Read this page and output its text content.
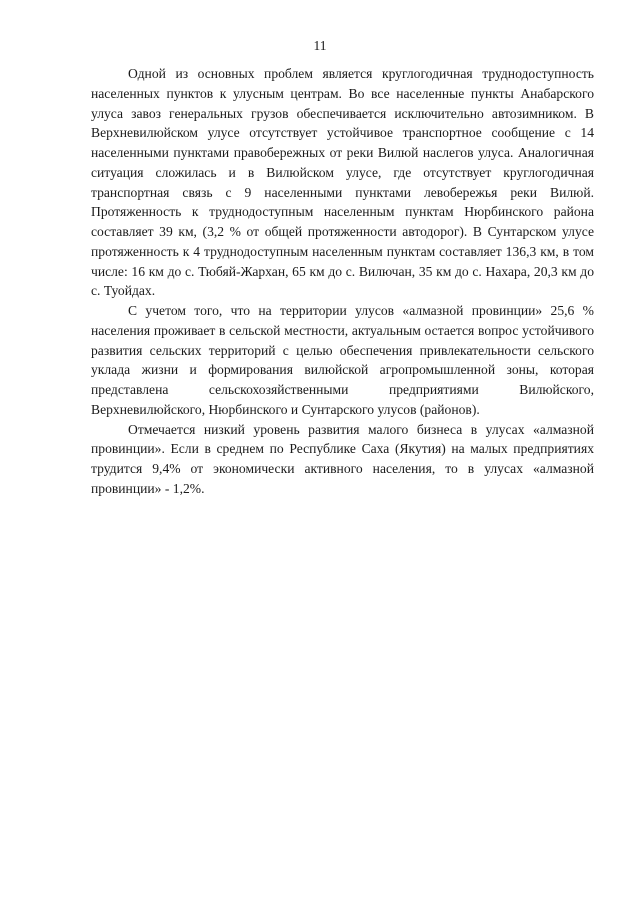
11

Одной из основных проблем является круглогодичная труднодоступность населенных пунктов к улусным центрам. Во все населенные пункты Анабарского улуса завоз генеральных грузов обеспечивается исключительно автозимником. В Верхневилюйском улусе отсутствует устойчивое транспортное сообщение с 14 населенными пунктами правобережных от реки Вилюй наслегов улуса. Аналогичная ситуация сложилась и в Вилюйском улусе, где отсутствует круглогодичная транспортная связь с 9 населенными пунктами левобережья реки Вилюй. Протяженность к труднодоступным населенным пунктам Нюрбинского района составляет 39 км, (3,2 % от общей протяженности автодорог). В Сунтарском улусе протяженность к 4 труднодоступным населенным пунктам составляет 136,3 км, в том числе: 16 км до с. Тюбяй-Жархан, 65 км до с. Вилючан, 35 км до с. Нахара, 20,3 км до с. Туойдах.

С учетом того, что на территории улусов «алмазной провинции» 25,6 % населения проживает в сельской местности, актуальным остается вопрос устойчивого развития сельских территорий с целью обеспечения привлекательности сельского уклада жизни и формирования вилюйской агропромышленной зоны, которая представлена сельскохозяйственными предприятиями Вилюйского, Верхневилюйского, Нюрбинского и Сунтарского улусов (районов).

Отмечается низкий уровень развития малого бизнеса в улусах «алмазной провинции». Если в среднем по Республике Саха (Якутия) на малых предприятиях трудится 9,4% от экономически активного населения, то в улусах «алмазной провинции» - 1,2%.
